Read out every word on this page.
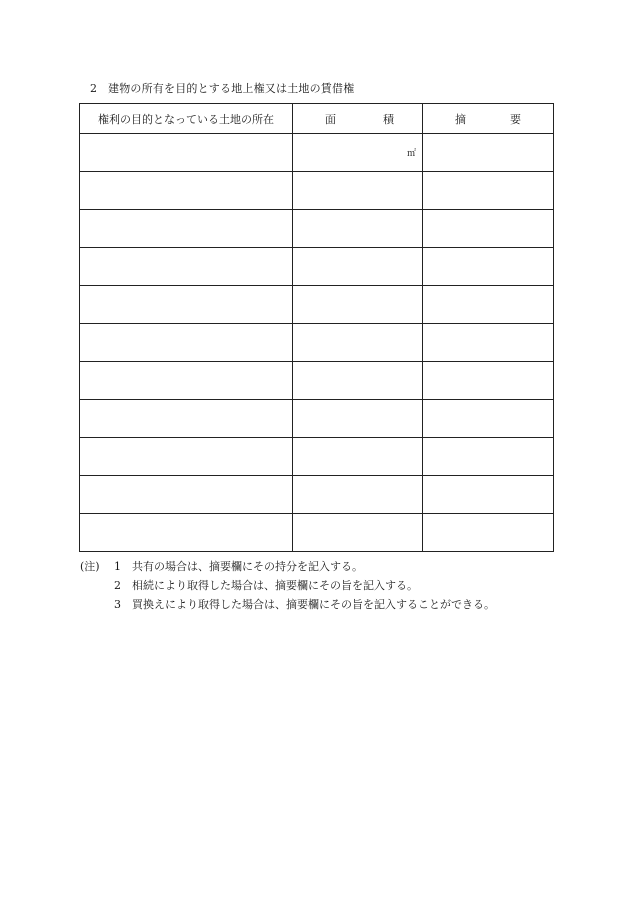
2 建物の所有を目的とする地上権又は土地の賃借権
権利の目的となっている土地の所在	面 積	摘 要

	㎡	

(注)	1	共有の場合は、摘要欄にその持分を記入する。
2	相続により取得した場合は、摘要欄にその旨を記入する。
3	買換えにより取得した場合は、摘要欄にその旨を記入することができる。
